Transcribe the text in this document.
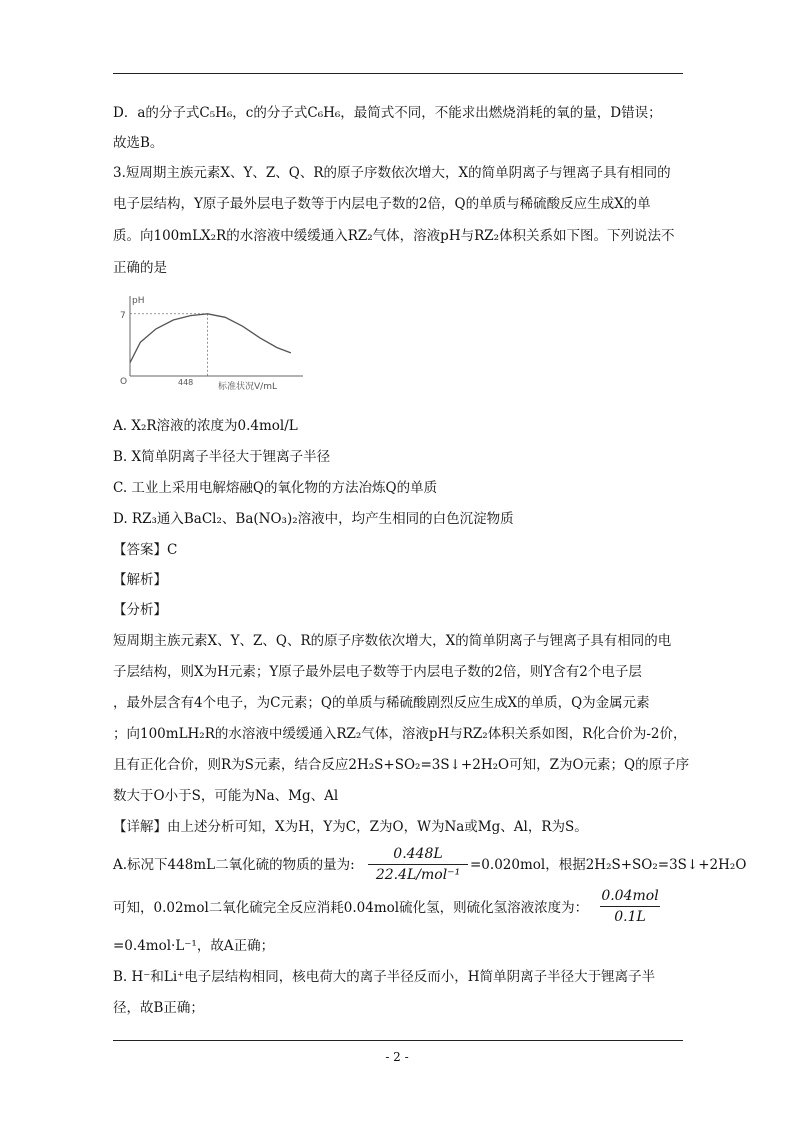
D．a的分子式C₅H₆，c的分子式C₆H₆，最简式不同，不能求出燃烧消耗的氧的量，D错误；
故选B。
3.短周期主族元素X、Y、Z、Q、R的原子序数依次增大，X的简单阴离子与锂离子具有相同的
电子层结构，Y原子最外层电子数等于内层电子数的2倍，Q的单质与稀硫酸反应生成X的单
质。向100mLX₂R的水溶液中缓缓通入RZ₂气体，溶液pH与RZ₂体积关系如下图。下列说法不
正确的是
pH
7
O	448	标准状况V/mL
A. X₂R溶液的浓度为0.4mol/L
B. X简单阴离子半径大于锂离子半径
C. 工业上采用电解熔融Q的氧化物的方法冶炼Q的单质
D. RZ₃通入BaCl₂、Ba(NO₃)₂溶液中，均产生相同的白色沉淀物质
【答案】C
【解析】
【分析】
短周期主族元素X、Y、Z、Q、R的原子序数依次增大，X的简单阴离子与锂离子具有相同的电
子层结构，则X为H元素；Y原子最外层电子数等于内层电子数的2倍，则Y含有2个电子层
，最外层含有4个电子，为C元素；Q的单质与稀硫酸剧烈反应生成X的单质，Q为金属元素
；向100mLH₂R的水溶液中缓缓通入RZ₂气体，溶液pH与RZ₂体积关系如图，R化合价为-2价，
且有正化合价，则R为S元素，结合反应2H₂S+SO₂=3S↓+2H₂O可知，Z为O元素；Q的原子序
数大于O小于S，可能为Na、Mg、Al
【详解】由上述分析可知，X为H，Y为C，Z为O，W为Na或Mg、Al，R为S。
A.标况下448mL二氧化硫的物质的量为:
0.448L
22.4L/mol⁻¹
=0.020mol，根据2H₂S+SO₂=3S↓+2H₂O
可知，0.02mol二氧化硫完全反应消耗0.04mol硫化氢，则硫化氢溶液浓度为：
0.04mol
0.1L
=0.4mol·L⁻¹，故A正确；
B. H⁻和Li⁺电子层结构相同，核电荷大的离子半径反而小，H简单阴离子半径大于锂离子半
径，故B正确；
- 2 -
